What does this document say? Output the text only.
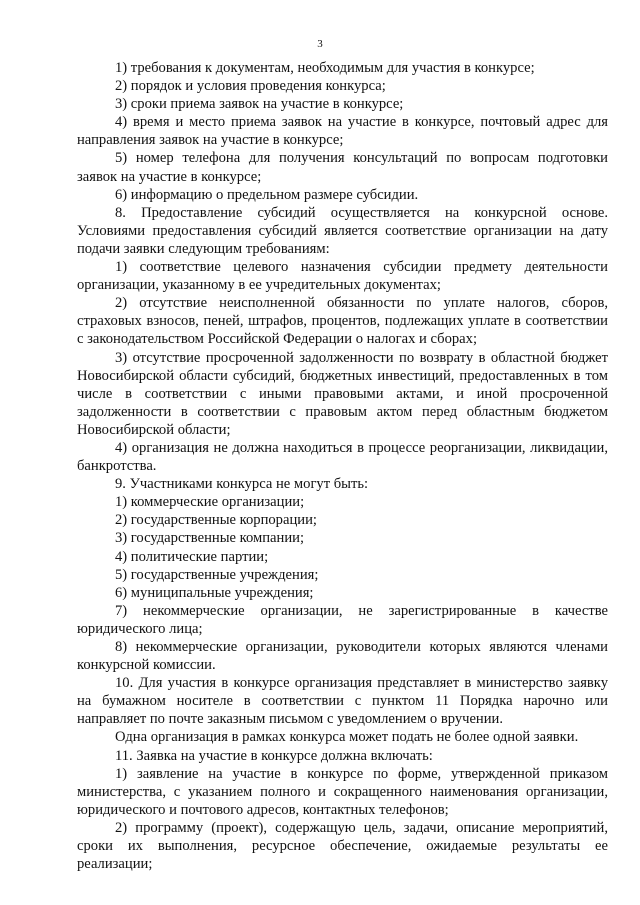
3

1) требования к документам, необходимым для участия в конкурсе;

2) порядок и условия проведения конкурса;

3) сроки приема заявок на участие в конкурсе;

4) время и место приема заявок на участие в конкурсе, почтовый адрес для направления заявок на участие в конкурсе;

5) номер телефона для получения консультаций по вопросам подготовки заявок на участие в конкурсе;

6) информацию о предельном размере субсидии.

8. Предоставление субсидий осуществляется на конкурсной основе. Условиями предоставления субсидий является соответствие организации на дату подачи заявки следующим требованиям:

1) соответствие целевого назначения субсидии предмету деятельности организации, указанному в ее учредительных документах;

2) отсутствие неисполненной обязанности по уплате налогов, сборов, страховых взносов, пеней, штрафов, процентов, подлежащих уплате в соответствии с законодательством Российской Федерации о налогах и сборах;

3) отсутствие просроченной задолженности по возврату в областной бюджет Новосибирской области субсидий, бюджетных инвестиций, предоставленных в том числе в соответствии с иными правовыми актами, и иной просроченной задолженности в соответствии с правовым актом перед областным бюджетом Новосибирской области;

4) организация не должна находиться в процессе реорганизации, ликвидации, банкротства.

9. Участниками конкурса не могут быть:

1) коммерческие организации;

2) государственные корпорации;

3) государственные компании;

4) политические партии;

5) государственные учреждения;

6) муниципальные учреждения;

7) некоммерческие организации, не зарегистрированные в качестве юридического лица;

8) некоммерческие организации, руководители которых являются членами конкурсной комиссии.

10. Для участия в конкурсе организация представляет в министерство заявку на бумажном носителе в соответствии с пунктом 11 Порядка нарочно или направляет по почте заказным письмом с уведомлением о вручении.

Одна организация в рамках конкурса может подать не более одной заявки.

11. Заявка на участие в конкурсе должна включать:

1) заявление на участие в конкурсе по форме, утвержденной приказом министерства, с указанием полного и сокращенного наименования организации, юридического и почтового адресов, контактных телефонов;

2) программу (проект), содержащую цель, задачи, описание мероприятий, сроки их выполнения, ресурсное обеспечение, ожидаемые результаты ее реализации;
